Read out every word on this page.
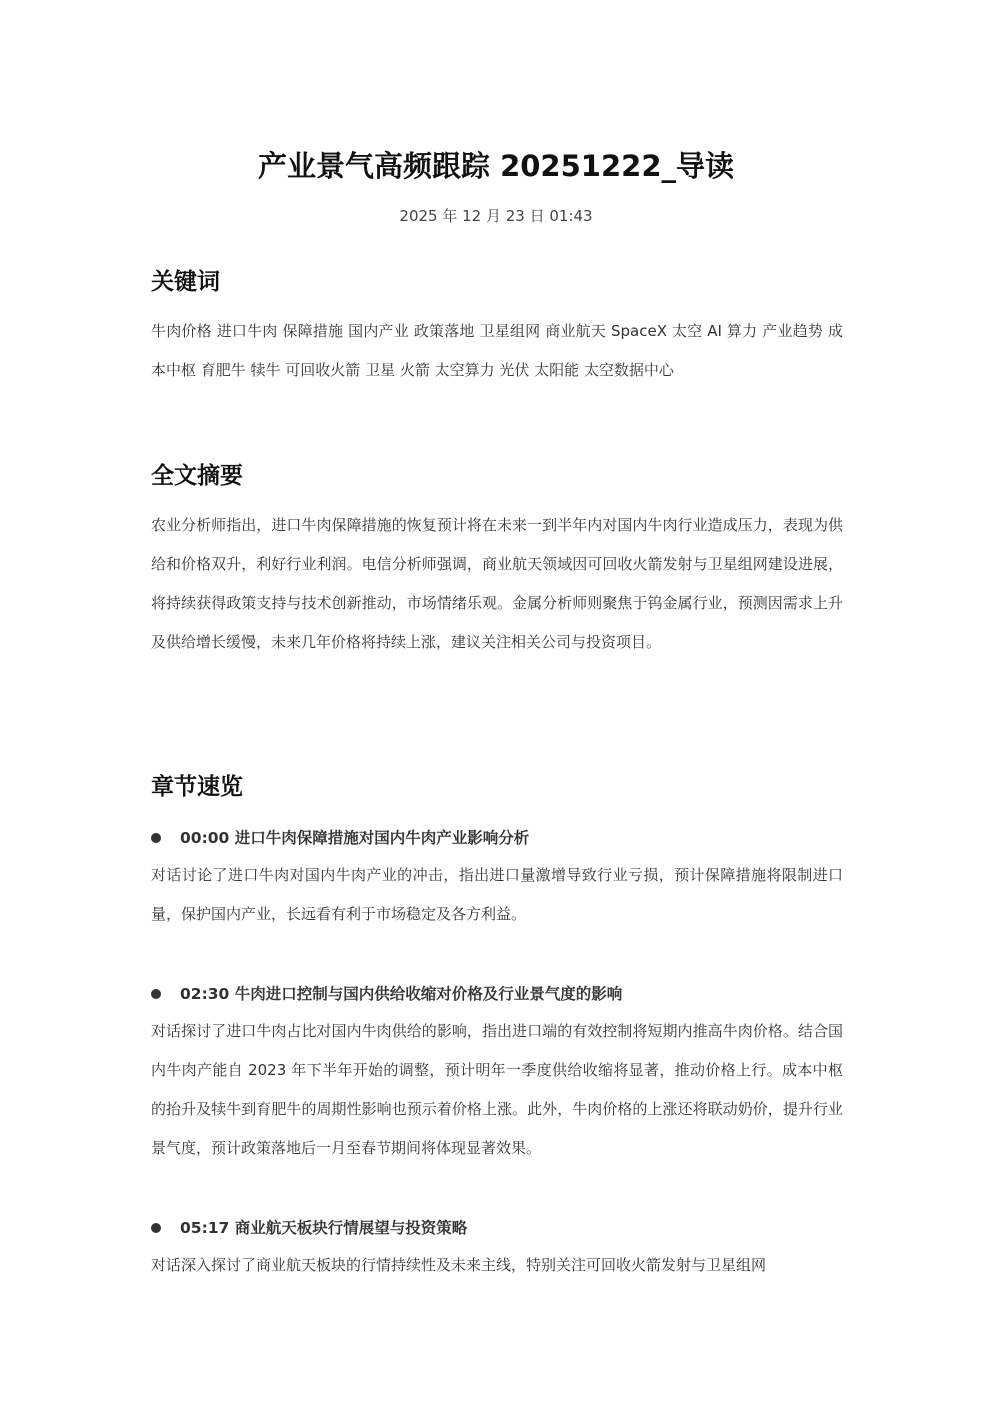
产业景气高频跟踪 20251222_导读

2025 年 12 月 23 日 01:43

关键词

牛肉价格 进口牛肉 保障措施 国内产业 政策落地 卫星组网 商业航天 SpaceX 太空 AI 算力 产业趋势 成本中枢 育肥牛 犊牛 可回收火箭 卫星 火箭 太空算力 光伏 太阳能 太空数据中心

全文摘要

农业分析师指出，进口牛肉保障措施的恢复预计将在未来一到半年内对国内牛肉行业造成压力，表现为供给和价格双升，利好行业利润。电信分析师强调，商业航天领域因可回收火箭发射与卫星组网建设进展，将持续获得政策支持与技术创新推动，市场情绪乐观。金属分析师则聚焦于钨金属行业，预测因需求上升及供给增长缓慢，未来几年价格将持续上涨，建议关注相关公司与投资项目。

章节速览
00:00 进口牛肉保障措施对国内牛肉产业影响分析

对话讨论了进口牛肉对国内牛肉产业的冲击，指出进口量激增导致行业亏损，预计保障措施将限制进口量，保护国内产业，长远看有利于市场稳定及各方利益。

02:30 牛肉进口控制与国内供给收缩对价格及行业景气度的影响

对话探讨了进口牛肉占比对国内牛肉供给的影响，指出进口端的有效控制将短期内推高牛肉价格。结合国内牛肉产能自 2023 年下半年开始的调整，预计明年一季度供给收缩将显著，推动价格上行。成本中枢的抬升及犊牛到育肥牛的周期性影响也预示着价格上涨。此外，牛肉价格的上涨还将联动奶价，提升行业景气度，预计政策落地后一月至春节期间将体现显著效果。

05:17 商业航天板块行情展望与投资策略

对话深入探讨了商业航天板块的行情持续性及未来主线，特别关注可回收火箭发射与卫星组网
